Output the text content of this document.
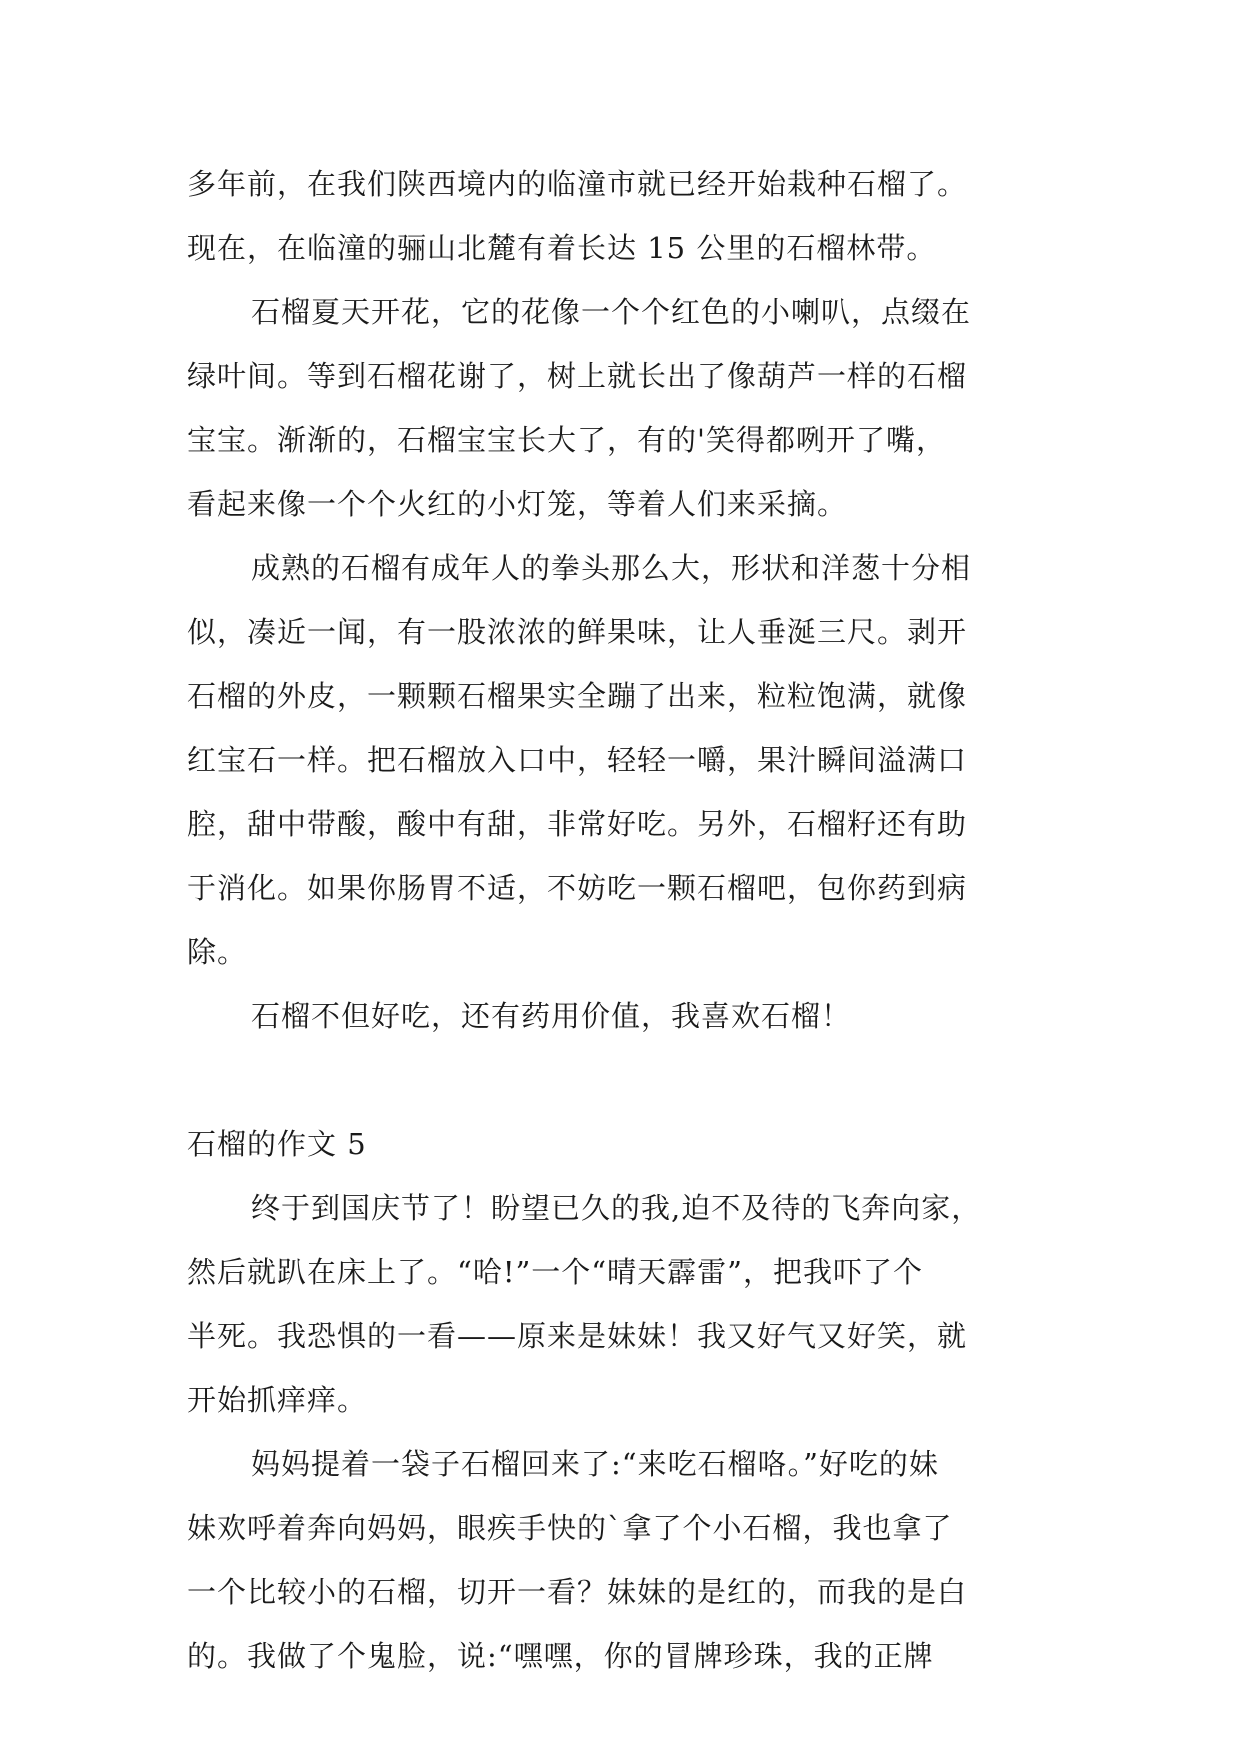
多年前，在我们陕西境内的临潼市就已经开始栽种石榴了。
现在，在临潼的骊山北麓有着长达 15 公里的石榴林带。

石榴夏天开花，它的花像一个个红色的小喇叭，点缀在
绿叶间。等到石榴花谢了，树上就长出了像葫芦一样的石榴
宝宝。渐渐的，石榴宝宝长大了，有的'笑得都咧开了嘴，
看起来像一个个火红的小灯笼，等着人们来采摘。

成熟的石榴有成年人的拳头那么大，形状和洋葱十分相
似，凑近一闻，有一股浓浓的鲜果味，让人垂涎三尺。剥开
石榴的外皮，一颗颗石榴果实全蹦了出来，粒粒饱满，就像
红宝石一样。把石榴放入口中，轻轻一嚼，果汁瞬间溢满口
腔，甜中带酸，酸中有甜，非常好吃。另外，石榴籽还有助
于消化。如果你肠胃不适，不妨吃一颗石榴吧，包你药到病
除。

石榴不但好吃，还有药用价值，我喜欢石榴！

石榴的作文 5

终于到国庆节了！盼望已久的我,迫不及待的飞奔向家，
然后就趴在床上了。“哈!”一个“晴天霹雷”，把我吓了个
半死。我恐惧的一看——原来是妹妹！我又好气又好笑，就
开始抓痒痒。

妈妈提着一袋子石榴回来了:“来吃石榴咯。”好吃的妹
妹欢呼着奔向妈妈，眼疾手快的`拿了个小石榴，我也拿了
一个比较小的石榴，切开一看？妹妹的是红的，而我的是白
的。我做了个鬼脸，说:“嘿嘿，你的冒牌珍珠，我的正牌
